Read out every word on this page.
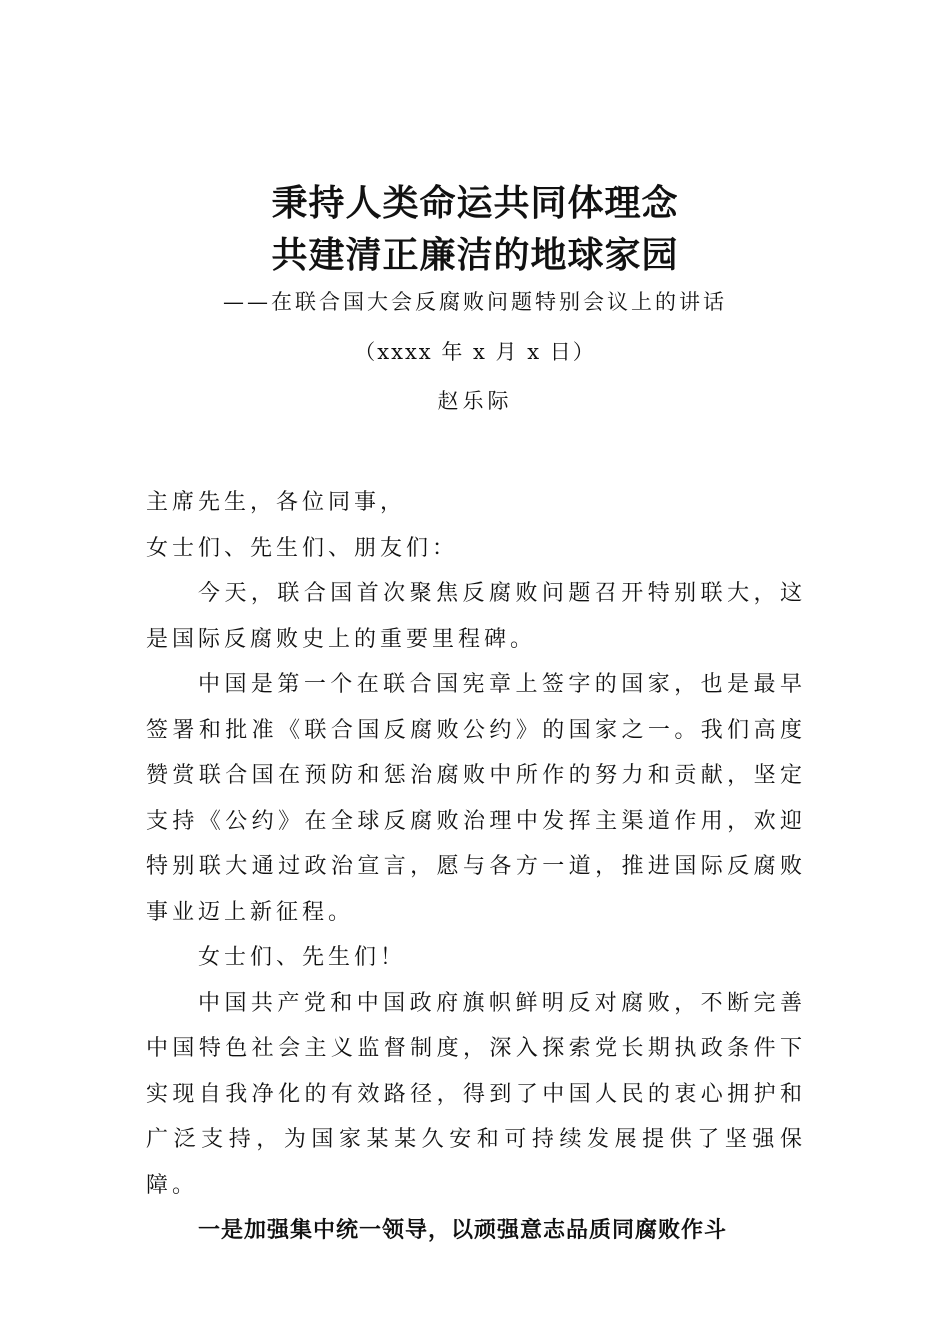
秉持人类命运共同体理念
共建清正廉洁的地球家园
——在联合国大会反腐败问题特别会议上的讲话
（xxxx 年 x 月 x 日）
赵乐际

主席先生，各位同事，

女士们、先生们、朋友们：

今天，联合国首次聚焦反腐败问题召开特别联大，这是国际反腐败史上的重要里程碑。

中国是第一个在联合国宪章上签字的国家，也是最早签署和批准《联合国反腐败公约》的国家之一。我们高度赞赏联合国在预防和惩治腐败中所作的努力和贡献，坚定支持《公约》在全球反腐败治理中发挥主渠道作用，欢迎特别联大通过政治宣言，愿与各方一道，推进国际反腐败事业迈上新征程。

女士们、先生们！

中国共产党和中国政府旗帜鲜明反对腐败，不断完善中国特色社会主义监督制度，深入探索党长期执政条件下实现自我净化的有效路径，得到了中国人民的衷心拥护和广泛支持，为国家某某久安和可持续发展提供了坚强保障。

一是加强集中统一领导，以顽强意志品质同腐败作斗
